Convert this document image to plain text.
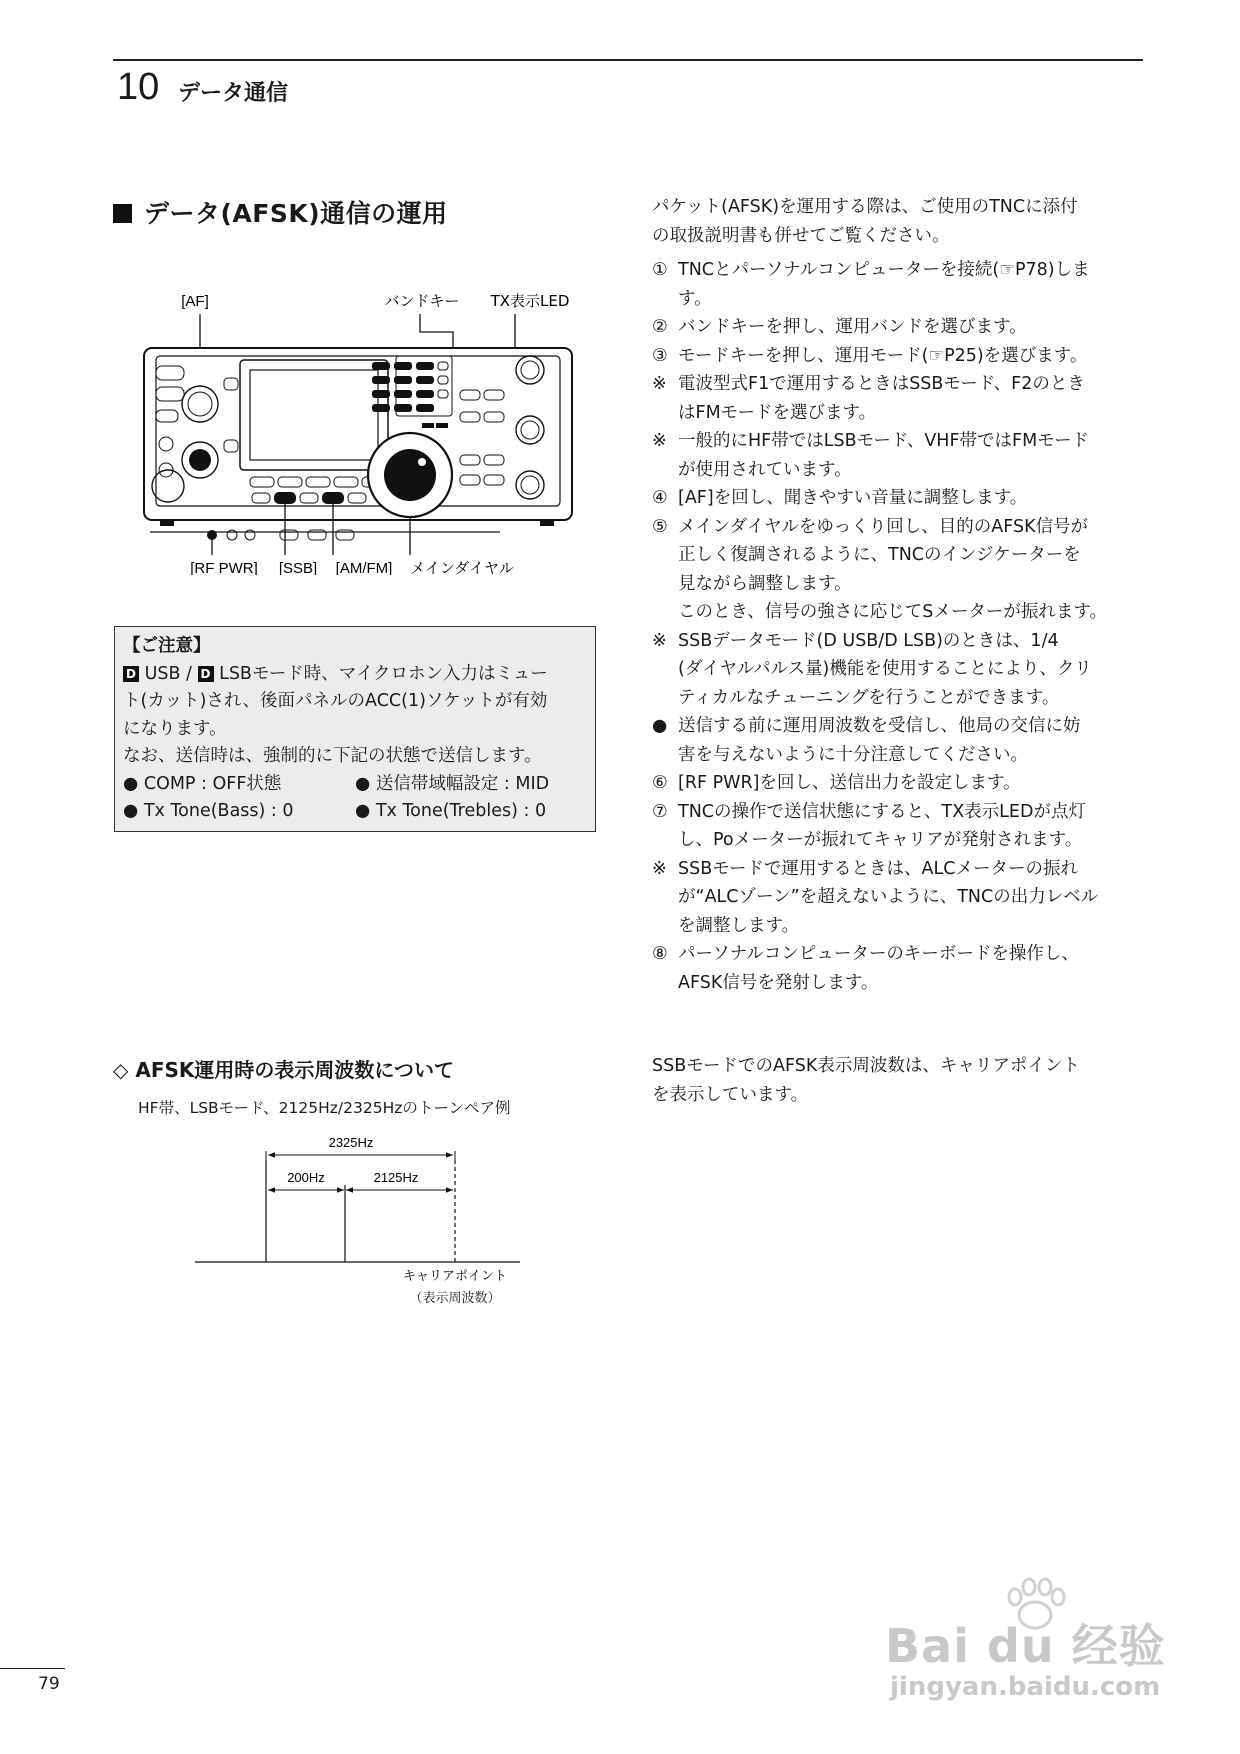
10 データ通信
データ(AFSK)通信の運用
[AF]	バンドキー TX表示LED
[RF PWR] [SSB] [AM/FM] メインダイヤル

【ご注意】

D USB / D LSBモード時、マイクロホン入力はミュー

ト(カット)され、後面パネルのACC(1)ソケットが有効

になります。

なお、送信時は、強制的に下記の状態で送信します。

● COMP : OFF状態	● 送信帯域幅設定 : MID
● Tx Tone(Bass) : 0	● Tx Tone(Trebles) : 0

パケット(AFSK)を運用する際は、ご使用のTNCに添付

の取扱説明書も併せてご覧ください。

① TNCとパーソナルコンピューターを接続(☞P78)しま
す。
② バンドキーを押し、運用バンドを選びます。
③ モードキーを押し、運用モード(☞P25)を選びます。
※ 電波型式F1で運用するときはSSBモード、F2のとき
はFMモードを選びます。
※ 一般的にHF帯ではLSBモード、VHF帯ではFMモード
が使用されています。
④ [AF]を回し、聞きやすい音量に調整します。
⑤ メインダイヤルをゆっくり回し、目的のAFSK信号が
正しく復調されるように、TNCのインジケーターを
見ながら調整します。
このとき、信号の強さに応じてSメーターが振れます。
※ SSBデータモード(D USB/D LSB)のときは、1/4
(ダイヤルパルス量)機能を使用することにより、クリ
ティカルなチューニングを行うことができます。
● 送信する前に運用周波数を受信し、他局の交信に妨
害を与えないように十分注意してください。
⑥ [RF PWR]を回し、送信出力を設定します。
⑦ TNCの操作で送信状態にすると、TX表示LEDが点灯
し、Poメーターが振れてキャリアが発射されます。
※ SSBモードで運用するときは、ALCメーターの振れ
が“ALCゾーン”を超えないように、TNCの出力レベル
を調整します。
⑧ パーソナルコンピューターのキーボードを操作し、
AFSK信号を発射します。
◇ AFSK運用時の表示周波数について
HF帯、LSBモード、2125Hz/2325Hzのトーンペア例
SSBモードでのAFSK表示周波数は、キャリアポイント
を表示しています。
2325Hz
200Hz	2125Hz
キャリアポイント
（表示周波数）
79
Bai du 经验
jingyan.baidu.com
